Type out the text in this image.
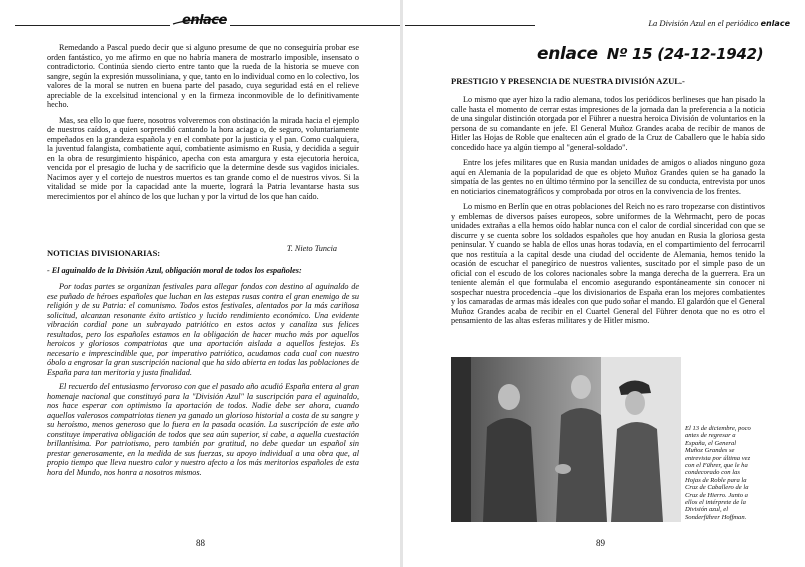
enlace

Remedando a Pascal puedo decir que si alguno presume de que no conseguiría probar ese orden fantástico, yo me afirmo en que no habría manera de mostrarlo imposible, insensato o contradictorio. Continúa siendo cierto entre tanto que la rueda de la historia se mueve con sangre, según la expresión mussoliniana, y que, tanto en lo individual como en lo colectivo, los valores de la moral se nutren en buena parte del pasado, cuya seguridad está en el relieve apreciable de la excelsitud intencional y en la firmeza inconmovible de lo definitivamente hecho.

Mas, sea ello lo que fuere, nosotros volveremos con obstinación la mirada hacia el ejemplo de nuestros caídos, a quien sorprendió cantando la hora aciaga o, de seguro, voluntariamente empeñados en la grandeza española y en el combate por la justicia y el pan. Como cualquiera, la juventud falangista, combatiente aquí, combatiente asimismo en Rusia, y decidida a seguir en la obra de resurgimiento hispánico, apecha con esta amargura y esta ejecutoria heroica, vencida por el presagio de lucha y de sacrificio que la determine desde sus vagidos iniciales. Nacimos ayer y el cortejo de nuestros muertos es tan grande como el de nuestros vivos. Si la vitalidad se mide por la capacidad ante la muerte, logrará la Patria levantarse hasta sus merecimientos por el ahínco de los que luchan y por la virtud de los que han caído.

T. Nieto Tuncia
NOTICIAS DIVISIONARIAS:
- El aguinaldo de la División Azul, obligación moral de todos los españoles:

Por todas partes se organizan festivales para allegar fondos con destino al aguinaldo de ese puñado de héroes españoles que luchan en las estepas rusas contra el gran enemigo de su religión y de su Patria: el comunismo. Todos estos festivales, alentados por la más cariñosa solicitud, alcanzan resonante éxito artístico y lucido rendimiento económico. Una evidente vibración cordial pone un subrayado patriótico en estos actos y canaliza sus felices resultados, pero los españoles estamos en la obligación de hacer mucho más por aquellos heroicos y gloriosos compatriotas que una aportación aislada a aquellos festejos. Es necesario e imprescindible que, por imperativo patriótico, acudamos cada cual con nuestro óbolo a engrosar la gran suscripción nacional que ha sido abierta en todas las poblaciones de España para tan meritoria y justa finalidad.

El recuerdo del entusiasmo fervoroso con que el pasado año acudió España entera al gran homenaje nacional que constituyó para la "División Azul" la suscripción para el aguinaldo, nos hace esperar con optimismo la aportación de todos. Nadie debe ser ahora, cuando aquellos valerosos compatriotas tienen ya ganado un glorioso historial a costa de su sangre y su heroísmo, menos generoso que lo fuera en la pasada ocasión. La suscripción de este año constituye imperativa obligación de todos que sea aún superior, si cabe, a aquella cuestación brillantísima. Por patriotismo, pero también por gratitud, no debe quedar un español sin prestar generosamente, en la medida de sus fuerzas, su apoyo individual a una obra que, al propio tiempo que lleva nuestro calor y nuestro afecto a los más meritorios españoles de esta hora del Mundo, nos honra a nosotros mismos.

88
La División Azul en el periódico enlace
enlace Nº 15 (24-12-1942)
PRESTIGIO Y PRESENCIA DE NUESTRA DIVISIÓN AZUL.-

Lo mismo que ayer hizo la radio alemana, todos los periódicos berlineses que han pisado la calle hasta el momento de cerrar estas impresiones de la jornada dan la preferencia a la noticia de una singular distinción otorgada por el Führer a nuestra heroica División de voluntarios en la persona de su comandante en jefe. El General Muñoz Grandes acaba de recibir de manos de Hitler las Hojas de Roble que enaltecen aún el grado de la Cruz de Caballero que le había sido concedido hace ya algún tiempo al "general-soldado".

Entre los jefes militares que en Rusia mandan unidades de amigos o aliados ninguno goza aquí en Alemania de la popularidad de que es objeto Muñoz Grandes quien se ha ganado la simpatía de las gentes no en último término por la sencillez de su conducta, entrevista por unos en noticiarios cinematográficos y comprobada por otros en la convivencia de los frentes.

Lo mismo en Berlín que en otras poblaciones del Reich no es raro tropezarse con distintivos y emblemas de diversos países europeos, sobre uniformes de la Wehrmacht, pero de pocas unidades extrañas a ella hemos oído hablar nunca con el calor de cordial sinceridad con que se discurre y se cuenta sobre los soldados españoles que hoy anudan en Rusia la gloriosa gesta peninsular. Y cuando se habla de ellos unas horas todavía, en el compartimiento del ferrocarril que nos restituía a la capital desde una ciudad del occidente de Alemania, hemos tenido la ocasión de escuchar el panegírico de nuestros valientes, suscitado por el simple paso de un oficial con el escudo de los colores nacionales sobre la manga derecha de la guerrera. Era un teniente alemán el que formulaba el encomio asegurando espontáneamente sin conocer ni sospechar nuestra procedencia –que los divisionarios de España eran los mejores combatientes y los camaradas de armas más ideales con que pudo soñar el mando. El galardón que el General Muñoz Grandes acaba de recibir en el Cuartel General del Führer denota que no es otro el pensamiento de las altas esferas militares y de Hitler mismo.

El 13 de diciembre, poco antes de regresar a España, el General Muñoz Grandes se entrevista por última vez con el Führer, que le ha condecorado con las Hojas de Roble para la Cruz de Caballero de la Cruz de Hierro. Junto a ellos el intérprete de la División azul, el Sonderführer Hoffman.
89
